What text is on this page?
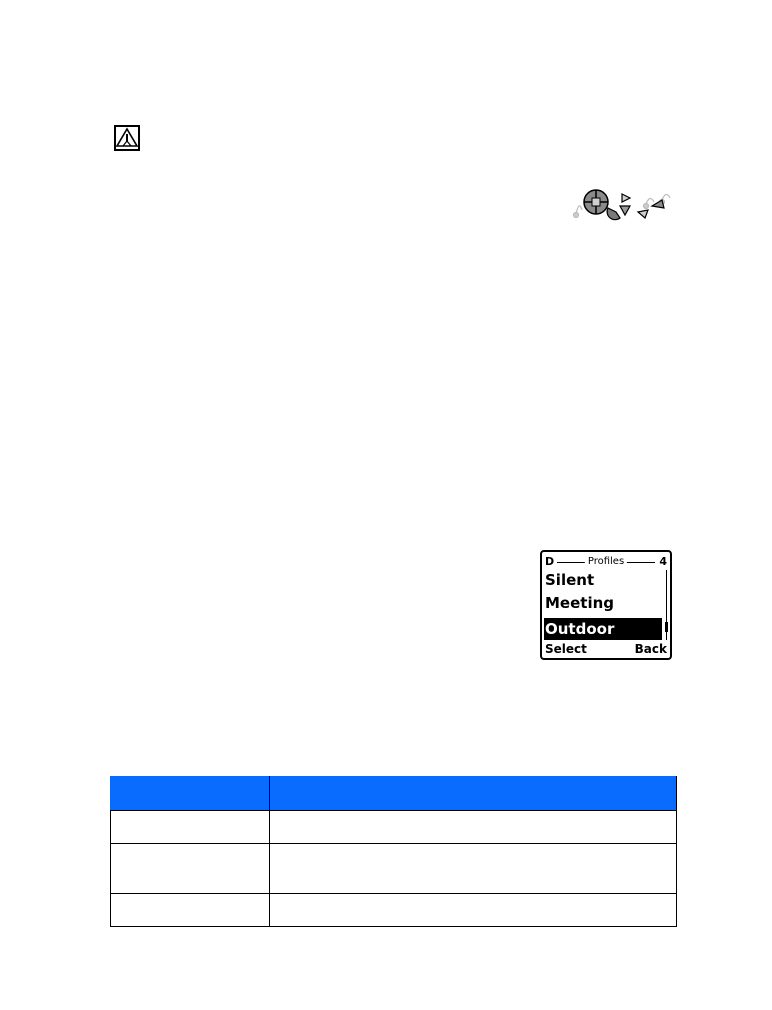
D	Profiles	4
Silent
Meeting
Outdoor
Select	Back
